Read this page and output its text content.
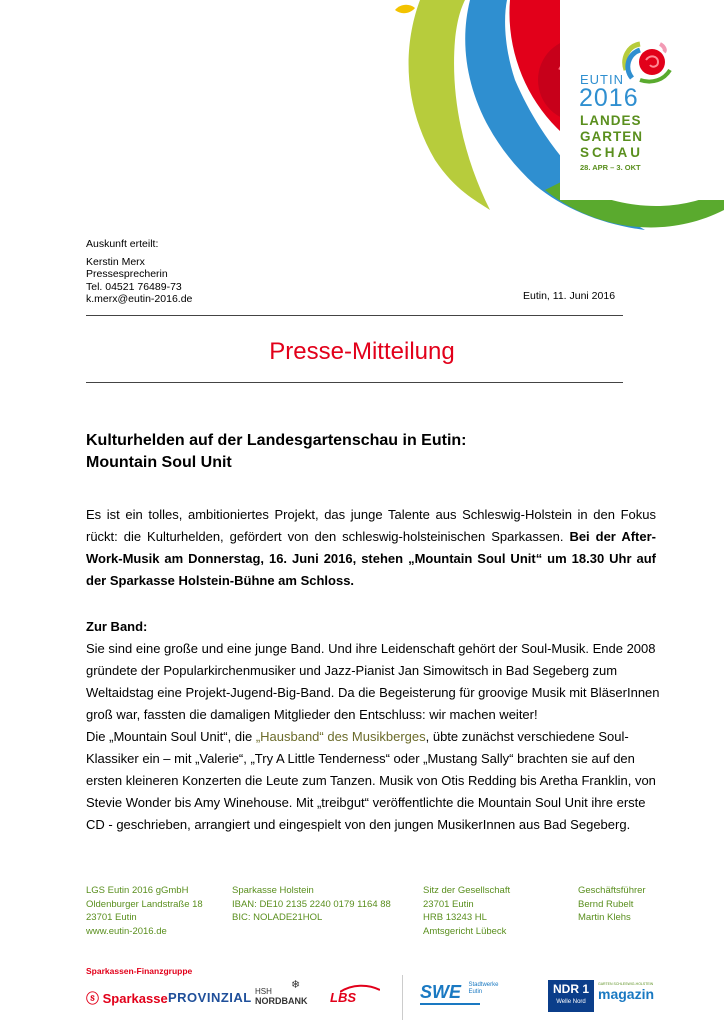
EUTIN
2016
LANDES
GARTEN
SCHAU
28. APR – 3. OKT
Auskunft erteilt:
Kerstin Merx
Pressesprecherin
Tel. 04521 76489-73
k.merx@eutin-2016.de	Eutin, 11. Juni 2016
Presse-Mitteilung
Kulturhelden auf der Landesgartenschau in Eutin:
Mountain Soul Unit
Es ist ein tolles, ambitioniertes Projekt, das junge Talente aus Schleswig-Holstein in den Fokus rückt: die Kulturhelden, gefördert von den schleswig-holsteinischen Sparkassen. Bei der After-Work-Musik am Donnerstag, 16. Juni 2016, stehen „Mountain Soul Unit“ um 18.30 Uhr auf der Sparkasse Holstein-Bühne am Schloss.
Zur Band:
Sie sind eine große und eine junge Band. Und ihre Leidenschaft gehört der Soul-Musik. Ende 2008
gründete der Popularkirchenmusiker und Jazz-Pianist Jan Simowitsch in Bad Segeberg zum
Weltaidstag eine Projekt-Jugend-Big-Band. Da die Begeisterung für groovige Musik mit BläserInnen
groß war, fassten die damaligen Mitglieder den Entschluss: wir machen weiter!
Die „Mountain Soul Unit“, die „Hausband“ des Musikberges, übte zunächst verschiedene Soul-
Klassiker ein – mit „Valerie“, „Try A Little Tenderness“ oder „Mustang Sally“ brachten sie auf den
ersten kleineren Konzerten die Leute zum Tanzen. Musik von Otis Redding bis Aretha Franklin, von
Stevie Wonder bis Amy Winehouse. Mit „treibgut“ veröffentlichte die Mountain Soul Unit ihre erste
CD - geschrieben, arrangiert und eingespielt von den jungen MusikerInnen aus Bad Segeberg.
LGS Eutin 2016 gGmbH
Oldenburger Landstraße 18
23701 Eutin
www.eutin-2016.de
Sparkasse Holstein
IBAN: DE10 2135 2240 0179 1164 88
BIC: NOLADE21HOL
Sitz der Gesellschaft
23701 Eutin
HRB 13243 HL
Amtsgericht Lübeck
Geschäftsführer
Bernd Rubelt
Martin Klehs
Sparkassen-Finanzgruppe
ⓢ Sparkasse PROVINZIAL HSH
NORDBANK
❄
LBS	SWE Stadtwerke
Eutin	NDR 1
Welle Nord
GARTEN SCHLESWIG-HOLSTEIN
magazin
